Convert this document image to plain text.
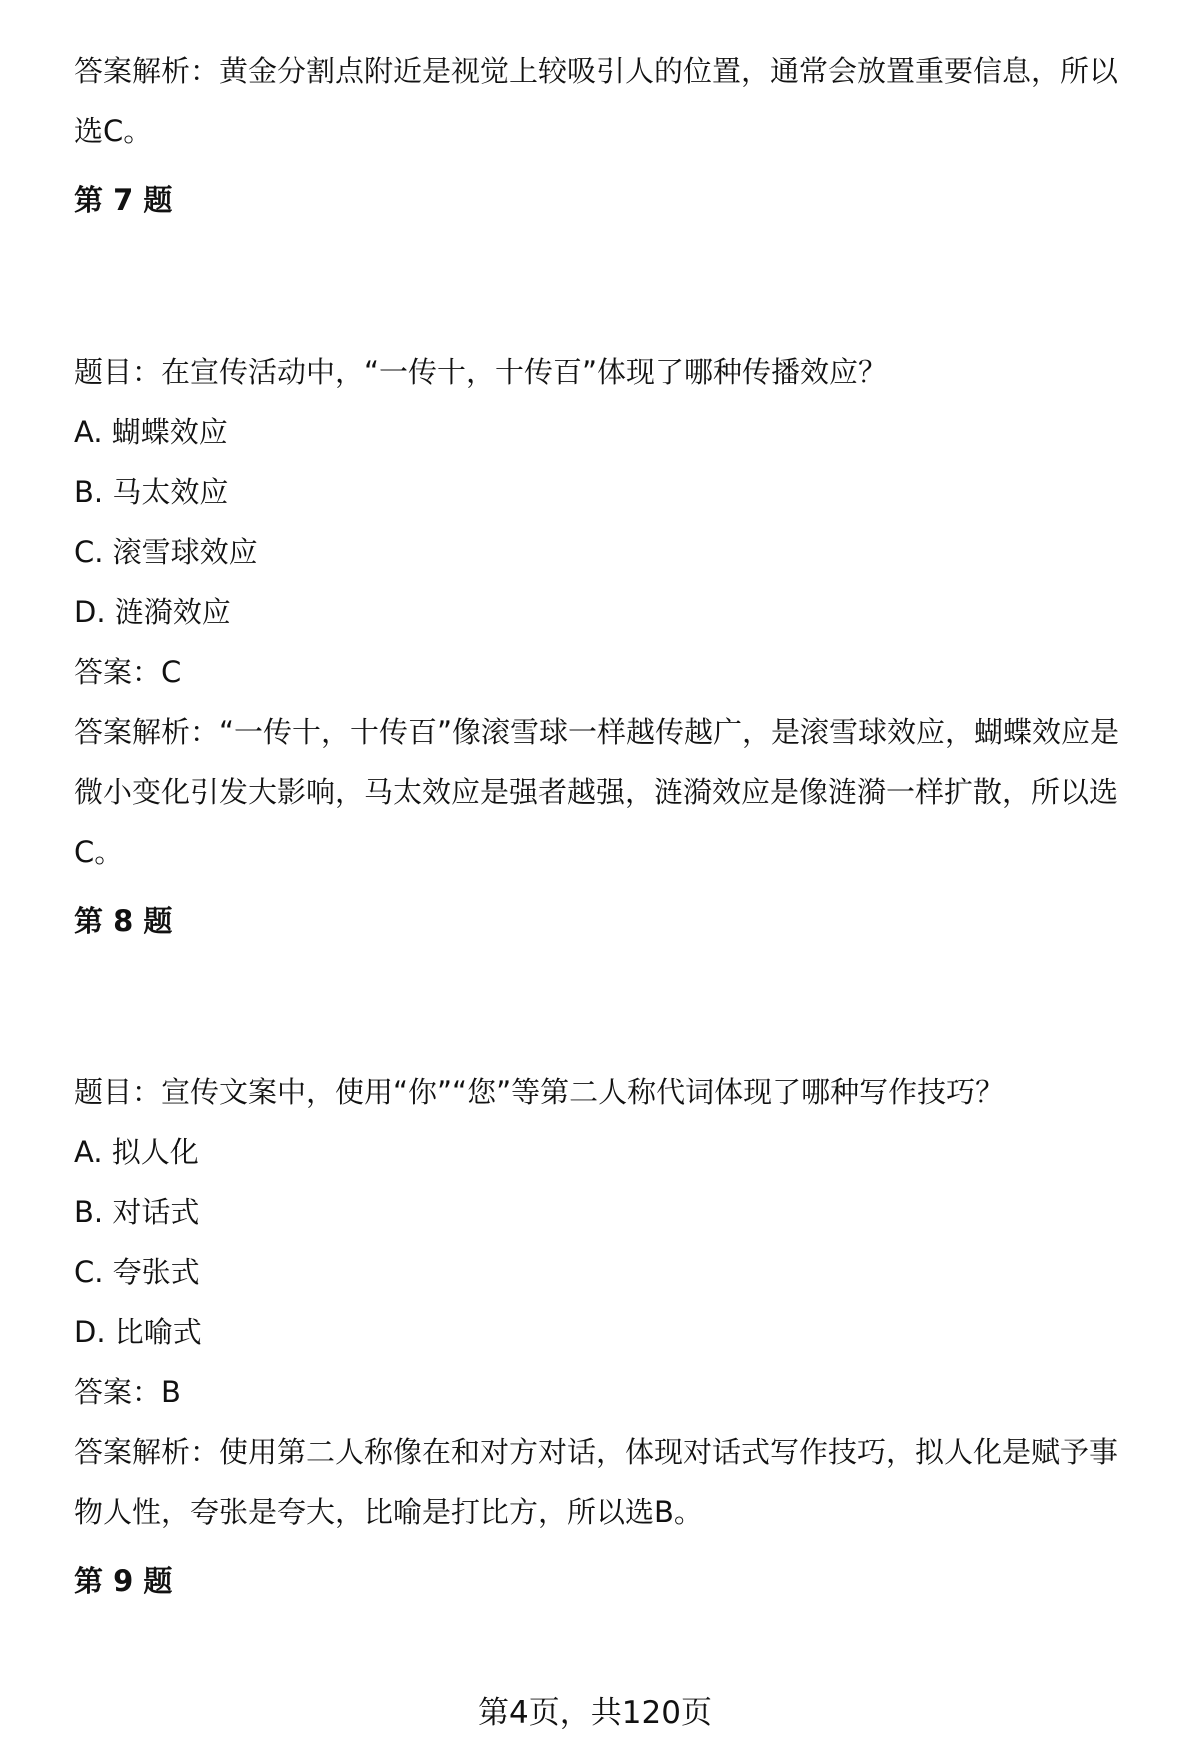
答案解析：黄金分割点附近是视觉上较吸引人的位置，通常会放置重要信息，所以
选C。
第 7 题
题目：在宣传活动中，“一传十，十传百”体现了哪种传播效应？
A. 蝴蝶效应
B. 马太效应
C. 滚雪球效应
D. 涟漪效应
答案：C
答案解析：“一传十，十传百”像滚雪球一样越传越广，是滚雪球效应，蝴蝶效应是
微小变化引发大影响，马太效应是强者越强，涟漪效应是像涟漪一样扩散，所以选
C。
第 8 题
题目：宣传文案中，使用“你”“您”等第二人称代词体现了哪种写作技巧？
A. 拟人化
B. 对话式
C. 夸张式
D. 比喻式
答案：B
答案解析：使用第二人称像在和对方对话，体现对话式写作技巧，拟人化是赋予事
物人性，夸张是夸大，比喻是打比方，所以选B。
第 9 题
第4页，共120页
